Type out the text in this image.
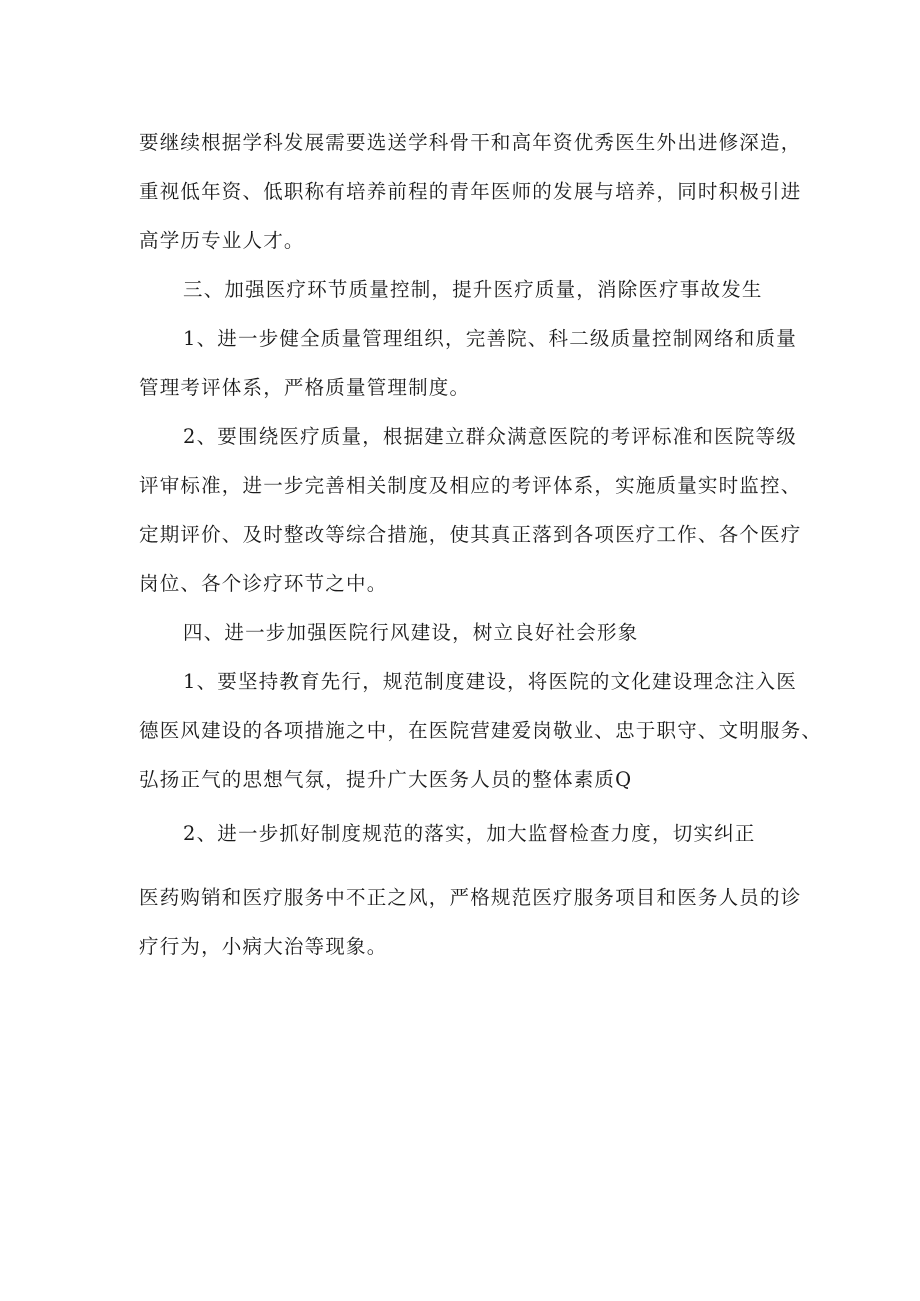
要继续根据学科发展需要选送学科骨干和高年资优秀医生外出进修深造，
重视低年资、低职称有培养前程的青年医师的发展与培养，同时积极引进
高学历专业人才。
三、加强医疗环节质量控制，提升医疗质量，消除医疗事故发生
1、进一步健全质量管理组织，完善院、科二级质量控制网络和质量
管理考评体系，严格质量管理制度。
2、要围绕医疗质量，根据建立群众满意医院的考评标准和医院等级
评审标准，进一步完善相关制度及相应的考评体系，实施质量实时监控、
定期评价、及时整改等综合措施，使其真正落到各项医疗工作、各个医疗
岗位、各个诊疗环节之中。
四、进一步加强医院行风建设，树立良好社会形象
1、要坚持教育先行，规范制度建设，将医院的文化建设理念注入医
德医风建设的各项措施之中，在医院营建爱岗敬业、忠于职守、文明服务、
弘扬正气的思想气氛，提升广大医务人员的整体素质Q
2、进一步抓好制度规范的落实，加大监督检查力度，切实纠正
医药购销和医疗服务中不正之风，严格规范医疗服务项目和医务人员的诊
疗行为，小病大治等现象。
